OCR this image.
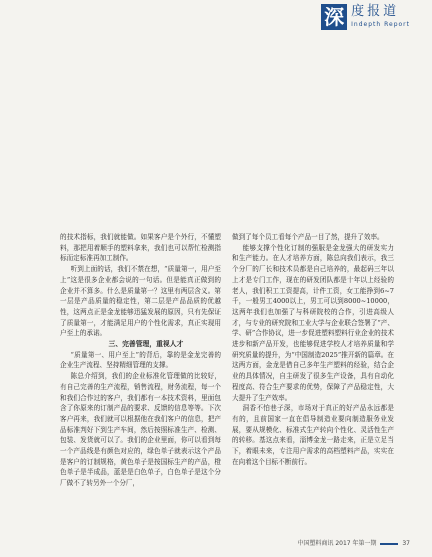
深 度报道
Indepth Report

的技术指标，我们就能做。如果客户是个外行，不懂塑料，那把用着顺手的塑料拿来，我们也可以帮忙检测指标而定标准再加工制作。

听到上面的话，我们不禁在想，“质量第一，用户至上”这是很多企业都会说的一句话。但是能真正做到的企业并不算多。什么是质量第一？这里有两层含义。第一层是产品质量的稳定性，第二层是产品品质的优越性，这两点正是金龙能够迅猛发展的原因，只有先保证了质量第一，才能满足用户的个性化需求，真正实现用户至上的承诺。

三、完善管理，重视人才

“质量第一、用户至上”的背后，靠的是金龙完善的企业生产流程、坚持精细管理的支撑。

陈总介绍到，我们的企业标准化管理做的比较好，有自己完善的生产流程，销售流程，财务流程，每一个和我们合作过的客户，我们都有一本技术资料，里面包含了你原来的订制产品的要求、反馈的信息等等。下次客户再来，我们就可以根据他在我们客户的信息，把产品标准判好下到生产车间，然后按照标准生产、检测、包装、发货就可以了。我们的企业里面，你可以看到每一个产品线是有颜色对应的，绿色单子就表示这个产品是客户的订制规格，黄色单子是按国标生产的产品，橙色单子是半成品，蓝是是白色单子，白色单子是这个分厂做不了转另外一个分厂，

做到了每个员工看每个产品一目了然，提升了效率。

能够支撑个性化订制的强服是金龙强大的研发实力和生产能力。在人才培养方面，陈总向我们表示，我三个分厂的厂长和技术员都是自己培养的，最起码三年以上才是专门工作，现在的研发团队都是十年以上经验的老人，我们积工工资提高，计件工资，女工能挣到6~7千，一般男工4000以上，男工可以到8000~10000，这两年我们也加强了与科研院校的合作，引进高级人才，与专业的研究院和工业大学与企业联合签署了“产、学、研”合作协议，进一步促进塑料塑料行业企业的技术进步和新产品开发，也能够促进学校人才培养质量和学研究质量的提升，为“中国制造2025”推开新的篇章。在这两方面，金龙是借自己多年生产塑料的经验，结合企业的具体情况，自主研发了很多生产设备，具有自动化程度高、符合生产要求的优势，保障了产品稳定性，大大提升了生产效率。

洞香不怕巷子深，市场对于真正的好产品永远都是有的，且前国家一直在倡导制造业要向制造服务业发展，要从规模化、标准式生产转向个性化、灵活性生产的转移。基这点来看，淄博金龙一路走来，正是立足当下，着眼未来，专注用户需求的高档塑料产品，实实在在向着这个目标不断前行。

中国塑料商讯 2017 年第一期	37
